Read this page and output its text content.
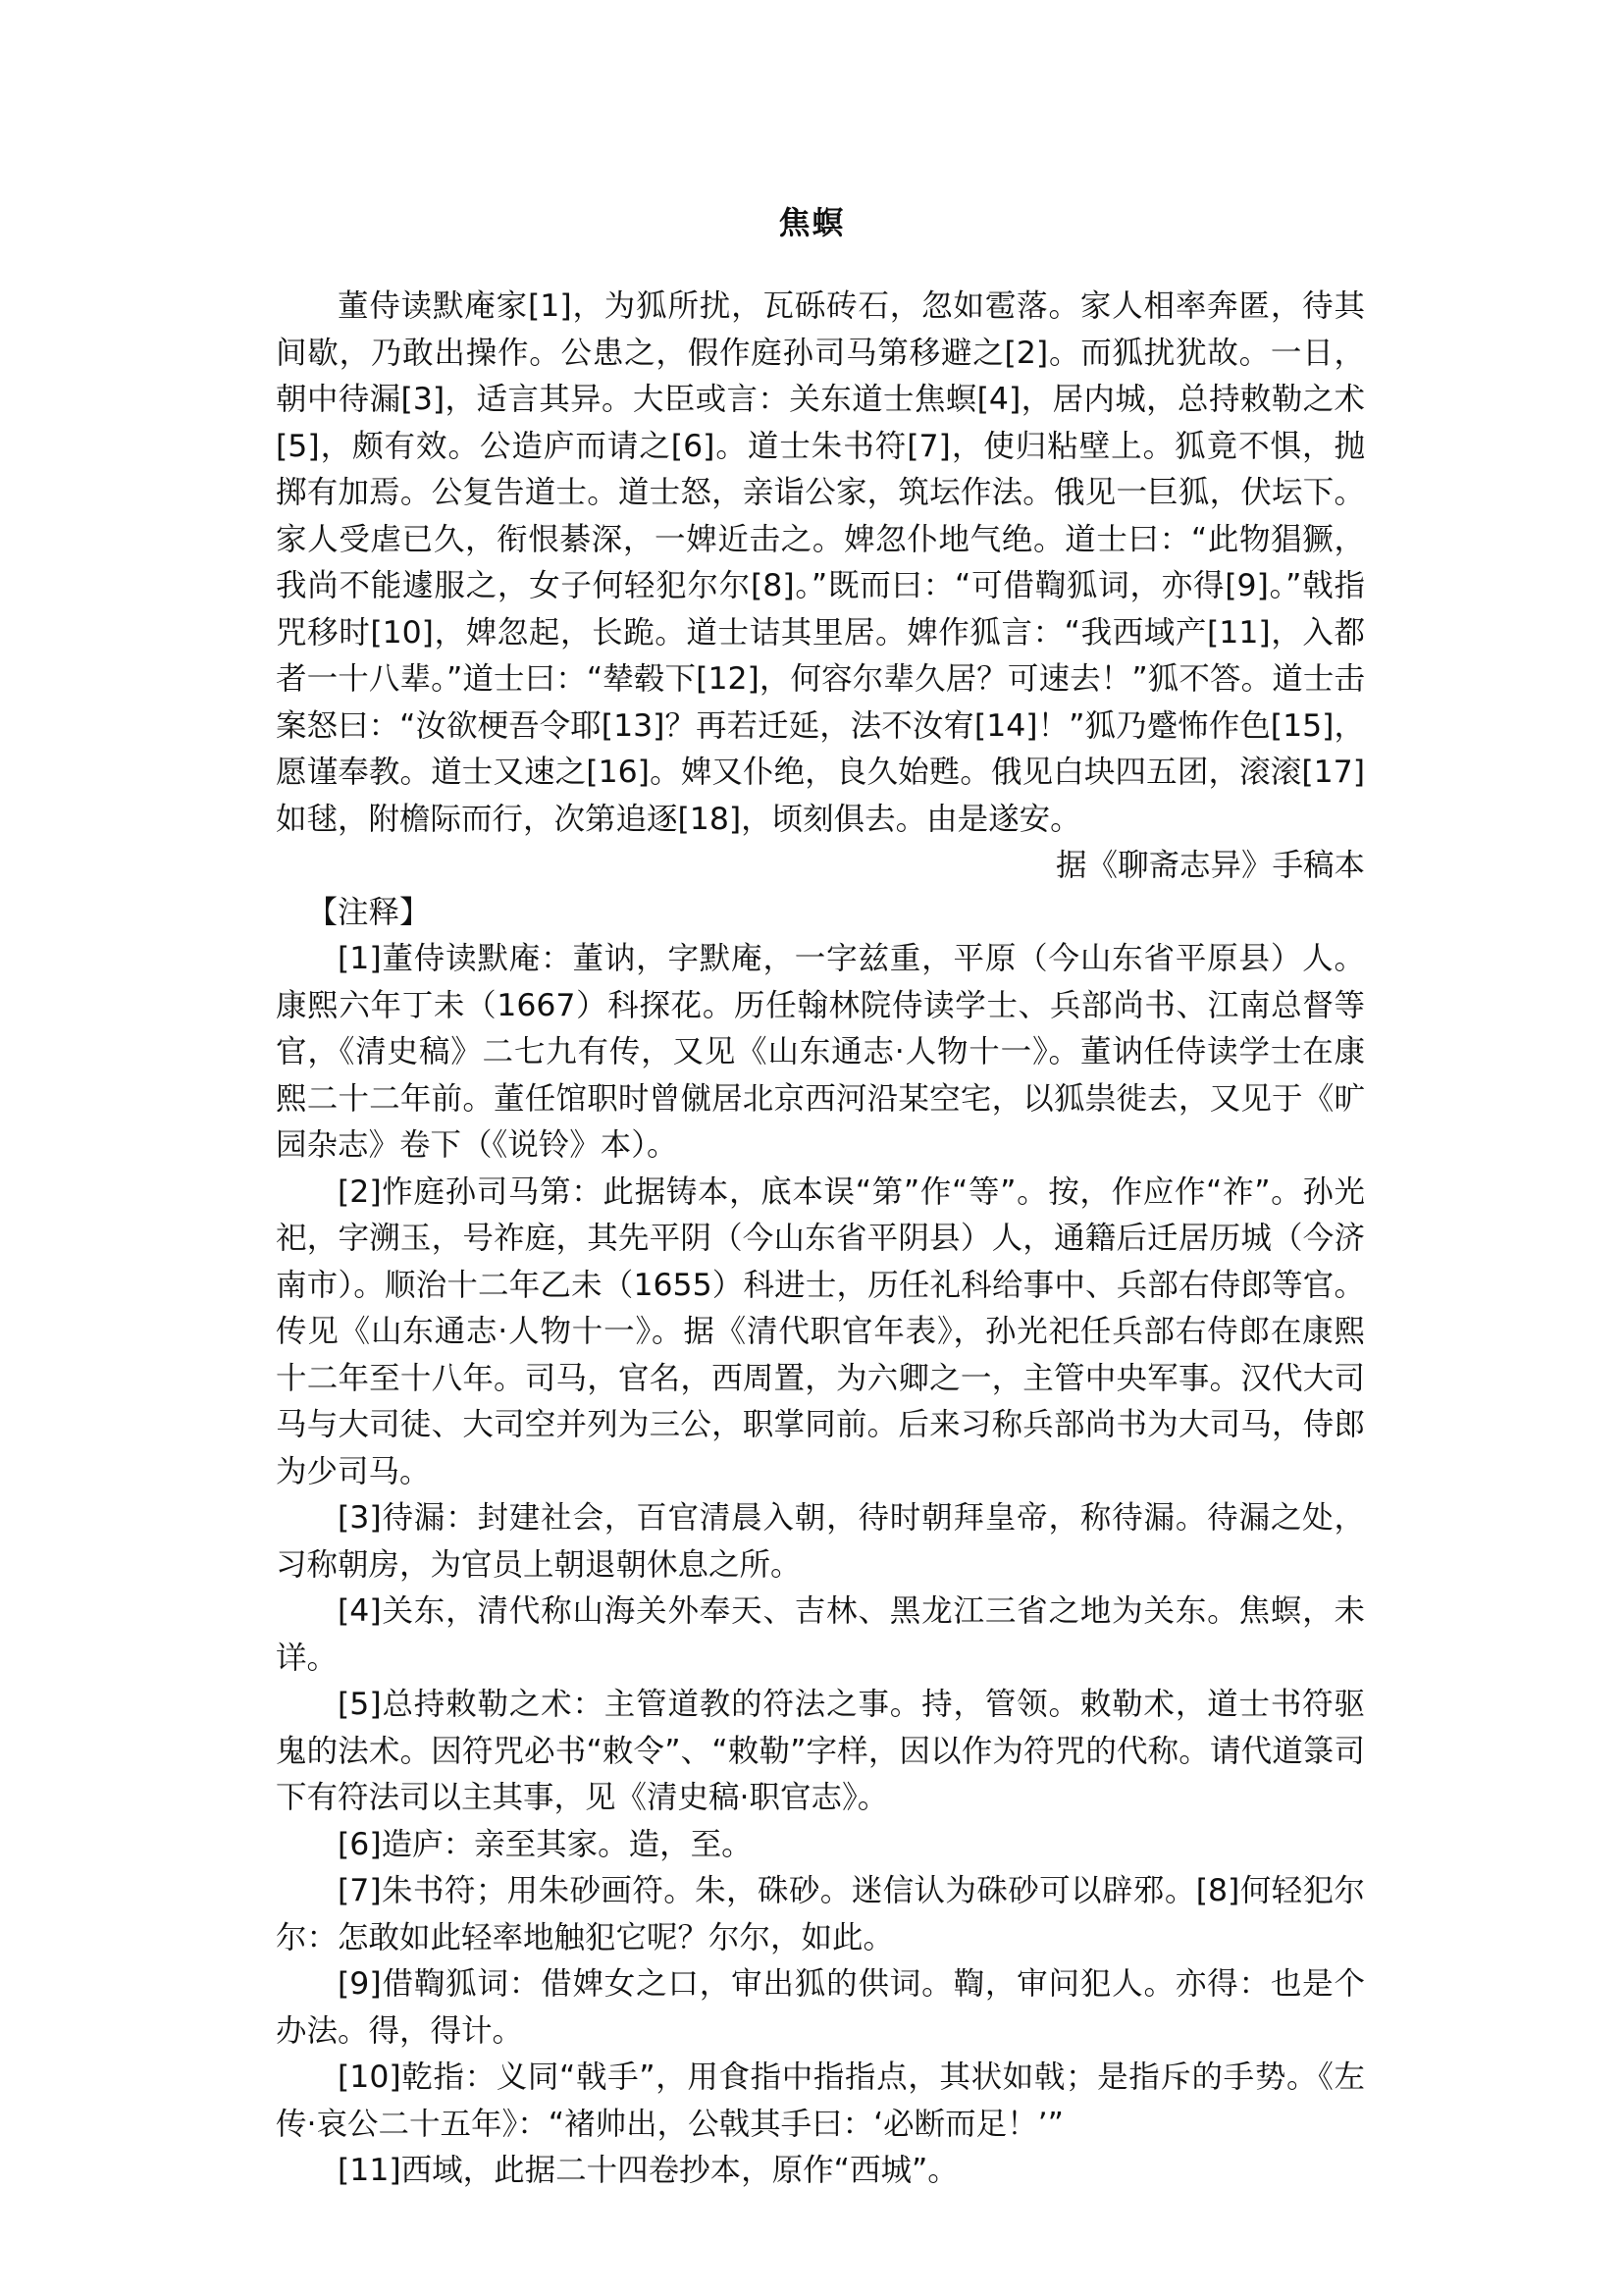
焦螟

董侍读默庵家[1]，为狐所扰，瓦砾砖石，忽如雹落。家人相率奔匿，待其间歇，乃敢出操作。公患之，假作庭孙司马第移避之[2]。而狐扰犹故。一日，朝中待漏[3]，适言其异。大臣或言：关东道士焦螟[4]，居内城，总持敕勒之术[5]，颇有效。公造庐而请之[6]。道士朱书符[7]，使归粘壁上。狐竟不惧，抛掷有加焉。公复告道士。道士怒，亲诣公家，筑坛作法。俄见一巨狐，伏坛下。家人受虐已久，衔恨綦深，一婢近击之。婢忽仆地气绝。道士曰：“此物猖獗，我尚不能遽服之，女子何轻犯尔尔[8]。”既而曰：“可借鞫狐词，亦得[9]。”戟指咒移时[10]，婢忽起，长跪。道士诘其里居。婢作狐言：“我西域产[11]，入都者一十八辈。”道士曰：“辇毂下[12]，何容尔辈久居？可速去！”狐不答。道士击案怒曰：“汝欲梗吾令耶[13]？再若迁延，法不汝宥[14]！”狐乃蹙怖作色[15]，愿谨奉教。道士又速之[16]。婢又仆绝，良久始甦。俄见白块四五团，滚滚[17]如毬，附檐际而行，次第追逐[18]，顷刻俱去。由是遂安。

据《聊斋志异》手稿本

【注释】

[1]董侍读默庵：董讷，字默庵，一字兹重，平原（今山东省平原县）人。康熙六年丁未（1667）科探花。历任翰林院侍读学士、兵部尚书、江南总督等官，《清史稿》二七九有传，又见《山东通志·人物十一》。董讷任侍读学士在康熙二十二年前。董任馆职时曾僦居北京西河沿某空宅，以狐祟徙去，又见于《旷园杂志》卷下（《说铃》本）。

[2]怍庭孙司马第：此据铸本，底本误“第”作“等”。按，作应作“祚”。孙光祀，字溯玉，号祚庭，其先平阴（今山东省平阴县）人，通籍后迁居历城（今济南市）。顺治十二年乙未（1655）科进士，历任礼科给事中、兵部右侍郎等官。传见《山东通志·人物十一》。据《清代职官年表》，孙光祀任兵部右侍郎在康熙十二年至十八年。司马，官名，西周置，为六卿之一，主管中央军事。汉代大司马与大司徒、大司空并列为三公，职掌同前。后来习称兵部尚书为大司马，侍郎为少司马。

[3]待漏：封建社会，百官清晨入朝，待时朝拜皇帝，称待漏。待漏之处，习称朝房，为官员上朝退朝休息之所。

[4]关东，清代称山海关外奉天、吉林、黑龙江三省之地为关东。焦螟，未详。

[5]总持敕勒之术：主管道教的符法之事。持，管领。敕勒术，道士书符驱鬼的法术。因符咒必书“敕令”、“敕勒”字样，因以作为符咒的代称。请代道箓司下有符法司以主其事，见《清史稿·职官志》。

[6]造庐：亲至其家。造，至。

[7]朱书符；用朱砂画符。朱，硃砂。迷信认为硃砂可以辟邪。[8]何轻犯尔尔：怎敢如此轻率地触犯它呢？尔尔，如此。

[9]借鞫狐词：借婢女之口，审出狐的供词。鞫，审问犯人。亦得：也是个办法。得，得计。

[10]乾指：义同“戟手”，用食指中指指点，其状如戟；是指斥的手势。《左传·哀公二十五年》：“褚帅出，公戟其手曰：‘必断而足！’”

[11]西域，此据二十四卷抄本，原作“西城”。
